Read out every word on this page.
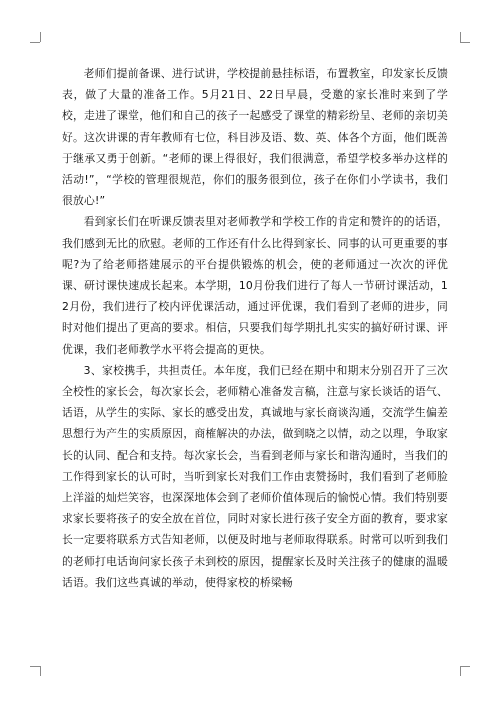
老师们提前备课、进行试讲，学校提前悬挂标语，布置教室，印发家长反馈表，做了大量的准备工作。5月21日、22日早晨，受邀的家长准时来到了学校，走进了课堂，他们和自己的孩子一起感受了课堂的精彩纷呈、老师的亲切美好。这次讲课的青年教师有七位，科目涉及语、数、英、体各个方面，他们既善于继承又勇于创新。“老师的课上得很好，我们很满意，希望学校多举办这样的活动!”，“学校的管理很规范，你们的服务很到位，孩子在你们小学读书，我们很放心!”

看到家长们在听课反馈表里对老师教学和学校工作的肯定和赞许的的话语，我们感到无比的欣慰。老师的工作还有什么比得到家长、同事的认可更重要的事呢?为了给老师搭建展示的平台提供锻炼的机会，使的老师通过一次次的评优课、研讨课快速成长起来。本学期，10月份我们进行了每人一节研讨课活动，12月份，我们进行了校内评优课活动，通过评优课，我们看到了老师的进步，同时对他们提出了更高的要求。相信，只要我们每学期扎扎实实的搞好研讨课、评优课，我们老师教学水平将会提高的更快。

3、家校携手，共担责任。本年度，我们已经在期中和期末分别召开了三次全校性的家长会，每次家长会，老师精心准备发言稿，注意与家长谈话的语气、话语，从学生的实际、家长的感受出发，真诚地与家长商谈沟通，交流学生偏差思想行为产生的实质原因，商榷解决的办法，做到晓之以情，动之以理，争取家长的认同、配合和支持。每次家长会，当看到老师与家长和谐沟通时，当我们的工作得到家长的认可时，当听到家长对我们工作由衷赞扬时，我们看到了老师脸上洋溢的灿烂笑容，也深深地体会到了老师价值体现后的愉悦心情。我们特别要求家长要将孩子的安全放在首位，同时对家长进行孩子安全方面的教育，要求家长一定要将联系方式告知老师，以便及时地与老师取得联系。时常可以听到我们的老师打电话询问家长孩子未到校的原因，提醒家长及时关注孩子的健康的温暖话语。我们这些真诚的举动，使得家校的桥梁畅
